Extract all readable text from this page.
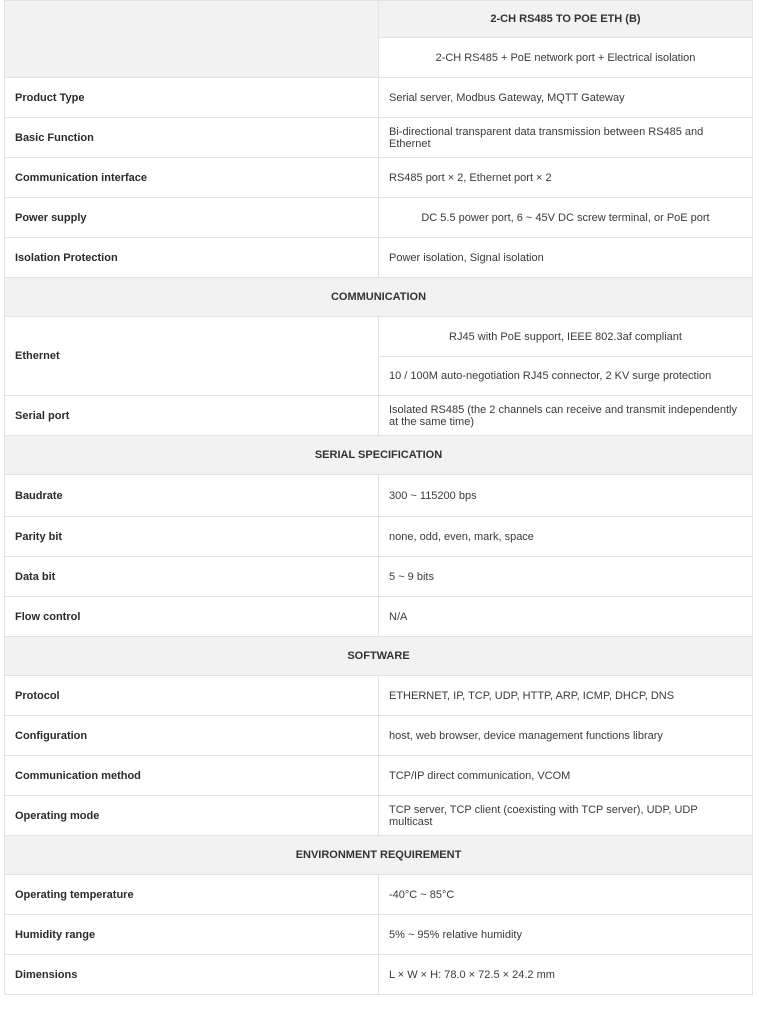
	2-CH RS485 TO POE ETH (B)
	2-CH RS485 + PoE network port + Electrical isolation
Product Type	Serial server, Modbus Gateway, MQTT Gateway
Basic Function	Bi-directional transparent data transmission between RS485 and Ethernet
Communication interface	RS485 port × 2, Ethernet port × 2
Power supply	DC 5.5 power port, 6 ~ 45V DC screw terminal, or PoE port
Isolation Protection	Power isolation, Signal isolation
COMMUNICATION	
Ethernet	RJ45 with PoE support, IEEE 802.3af compliant
	10 / 100M auto-negotiation RJ45 connector, 2 KV surge protection
Serial port	Isolated RS485 (the 2 channels can receive and transmit independently at the same time)
SERIAL SPECIFICATION	
Baudrate	300 ~ 115200 bps
Parity bit	none, odd, even, mark, space
Data bit	5 ~ 9 bits
Flow control	N/A
SOFTWARE	
Protocol	ETHERNET, IP, TCP, UDP, HTTP, ARP, ICMP, DHCP, DNS
Configuration	host, web browser, device management functions library
Communication method	TCP/IP direct communication, VCOM
Operating mode	TCP server, TCP client (coexisting with TCP server), UDP, UDP multicast
ENVIRONMENT REQUIREMENT	
Operating temperature	-40°C ~ 85°C
Humidity range	5% ~ 95% relative humidity
Dimensions	L × W × H: 78.0 × 72.5 × 24.2 mm
